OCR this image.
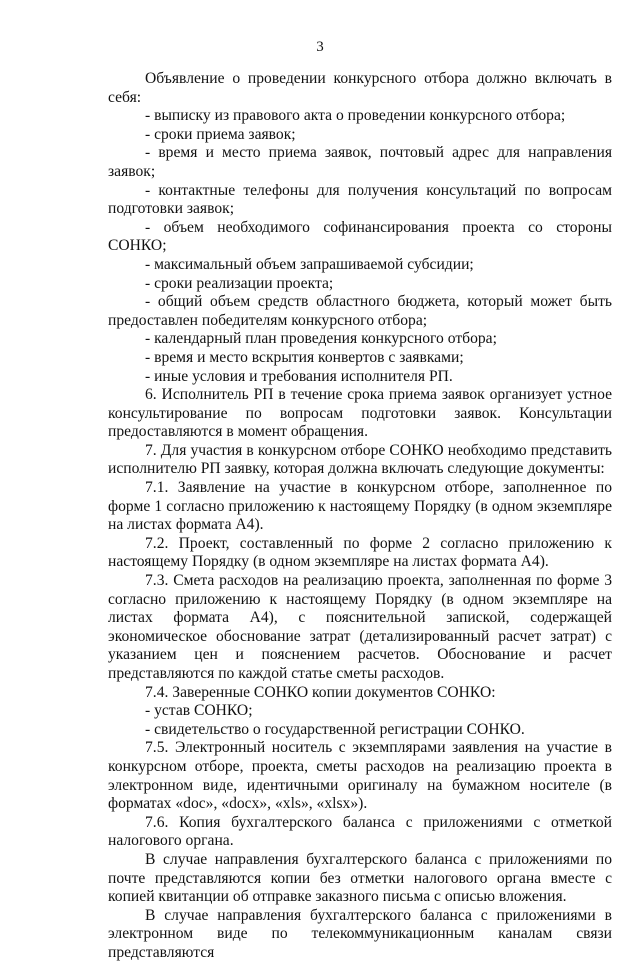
3

Объявление о проведении конкурсного отбора должно включать в себя:

- выписку из правового акта о проведении конкурсного отбора;

- сроки приема заявок;

- время и место приема заявок, почтовый адрес для направления заявок;

- контактные телефоны для получения консультаций по вопросам подготовки заявок;

- объем необходимого софинансирования проекта со стороны СОНКО;

- максимальный объем запрашиваемой субсидии;

- сроки реализации проекта;

- общий объем средств областного бюджета, который может быть предоставлен победителям конкурсного отбора;

- календарный план проведения конкурсного отбора;

- время и место вскрытия конвертов с заявками;

- иные условия и требования исполнителя РП.

6. Исполнитель РП в течение срока приема заявок организует устное консультирование по вопросам подготовки заявок. Консультации предоставляются в момент обращения.

7. Для участия в конкурсном отборе СОНКО необходимо представить исполнителю РП заявку, которая должна включать следующие документы:

7.1. Заявление на участие в конкурсном отборе, заполненное по форме 1 согласно приложению к настоящему Порядку (в одном экземпляре на листах формата А4).

7.2. Проект, составленный по форме 2 согласно приложению к настоящему Порядку (в одном экземпляре на листах формата А4).

7.3. Смета расходов на реализацию проекта, заполненная по форме 3 согласно приложению к настоящему Порядку (в одном экземпляре на листах формата А4), с пояснительной запиской, содержащей экономическое обоснование затрат (детализированный расчет затрат) с указанием цен и пояснением расчетов. Обоснование и расчет представляются по каждой статье сметы расходов.

7.4. Заверенные СОНКО копии документов СОНКО:

- устав СОНКО;

- свидетельство о государственной регистрации СОНКО.

7.5. Электронный носитель с экземплярами заявления на участие в конкурсном отборе, проекта, сметы расходов на реализацию проекта в электронном виде, идентичными оригиналу на бумажном носителе (в форматах «doc», «docx», «xls», «xlsx»).

7.6. Копия бухгалтерского баланса с приложениями с отметкой налогового органа.

В случае направления бухгалтерского баланса с приложениями по почте представляются копии без отметки налогового органа вместе с копией квитанции об отправке заказного письма с описью вложения.

В случае направления бухгалтерского баланса с приложениями в электронном виде по телекоммуникационным каналам связи представляются
